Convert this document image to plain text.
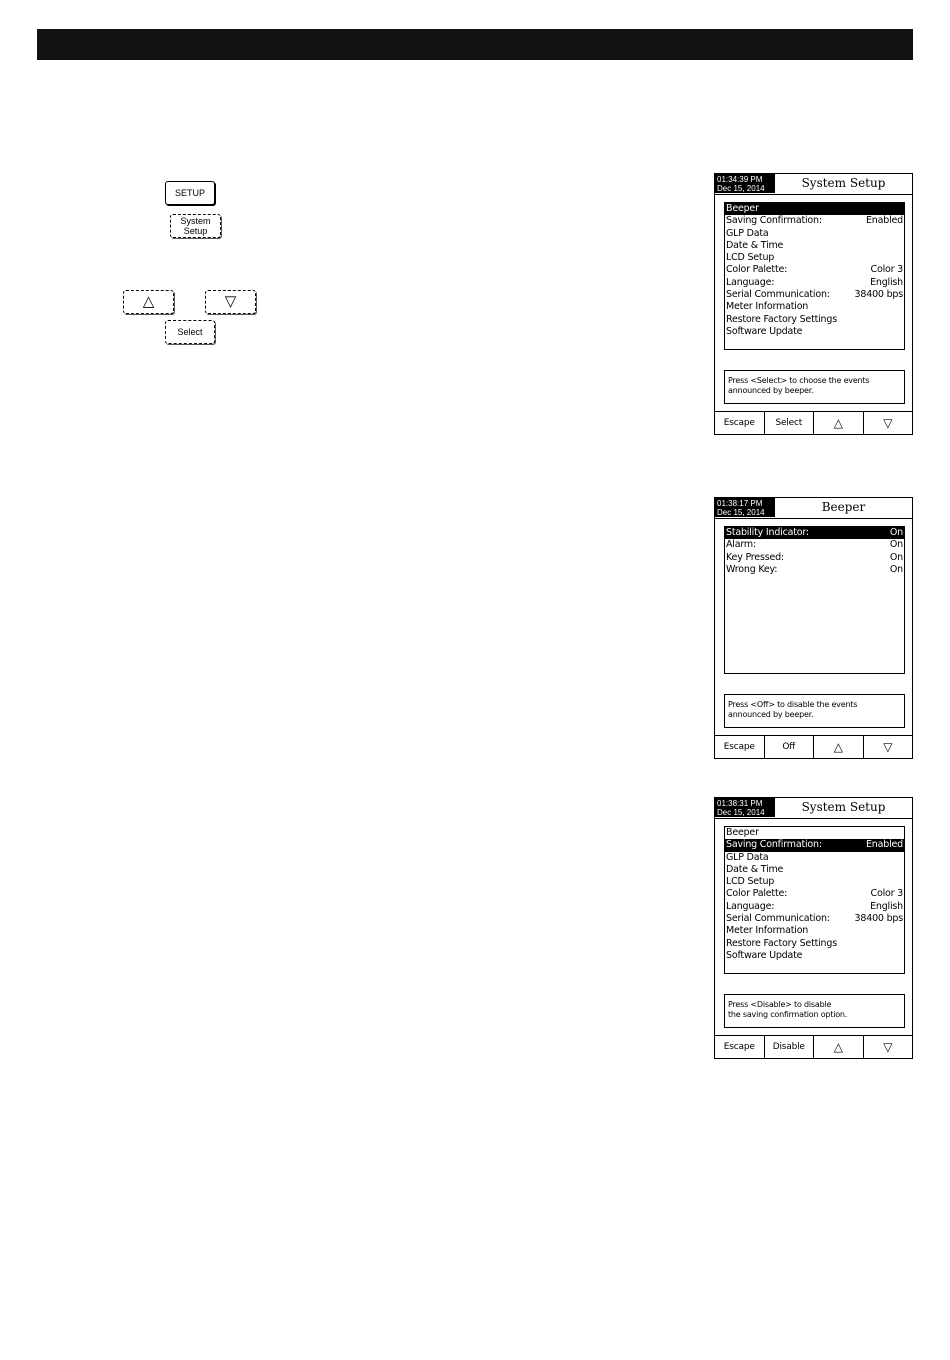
SETUP
System
Setup
△	▽
Select
01:34:39 PM
Dec 15, 2014	System Setup
Beeper
Saving Confirmation:	Enabled
GLP Data
Date & Time
LCD Setup
Color Palette:	Color 3
Language:	English
Serial Communication:	38400 bps
Meter Information
Restore Factory Settings
Software Update
Press <Select> to choose the events
announced by beeper.
Escape	Select	△	▽
01:38:17 PM
Dec 15, 2014	Beeper
Stability Indicator:	On
Alarm:	On
Key Pressed:	On
Wrong Key:	On
Press <Off> to disable the events
announced by beeper.
Escape	Off	△	▽
01:38:31 PM
Dec 15, 2014	System Setup
Beeper
Saving Confirmation:	Enabled
GLP Data
Date & Time
LCD Setup
Color Palette:	Color 3
Language:	English
Serial Communication:	38400 bps
Meter Information
Restore Factory Settings
Software Update
Press <Disable> to disable
the saving confirmation option.
Escape	Disable	△	▽
